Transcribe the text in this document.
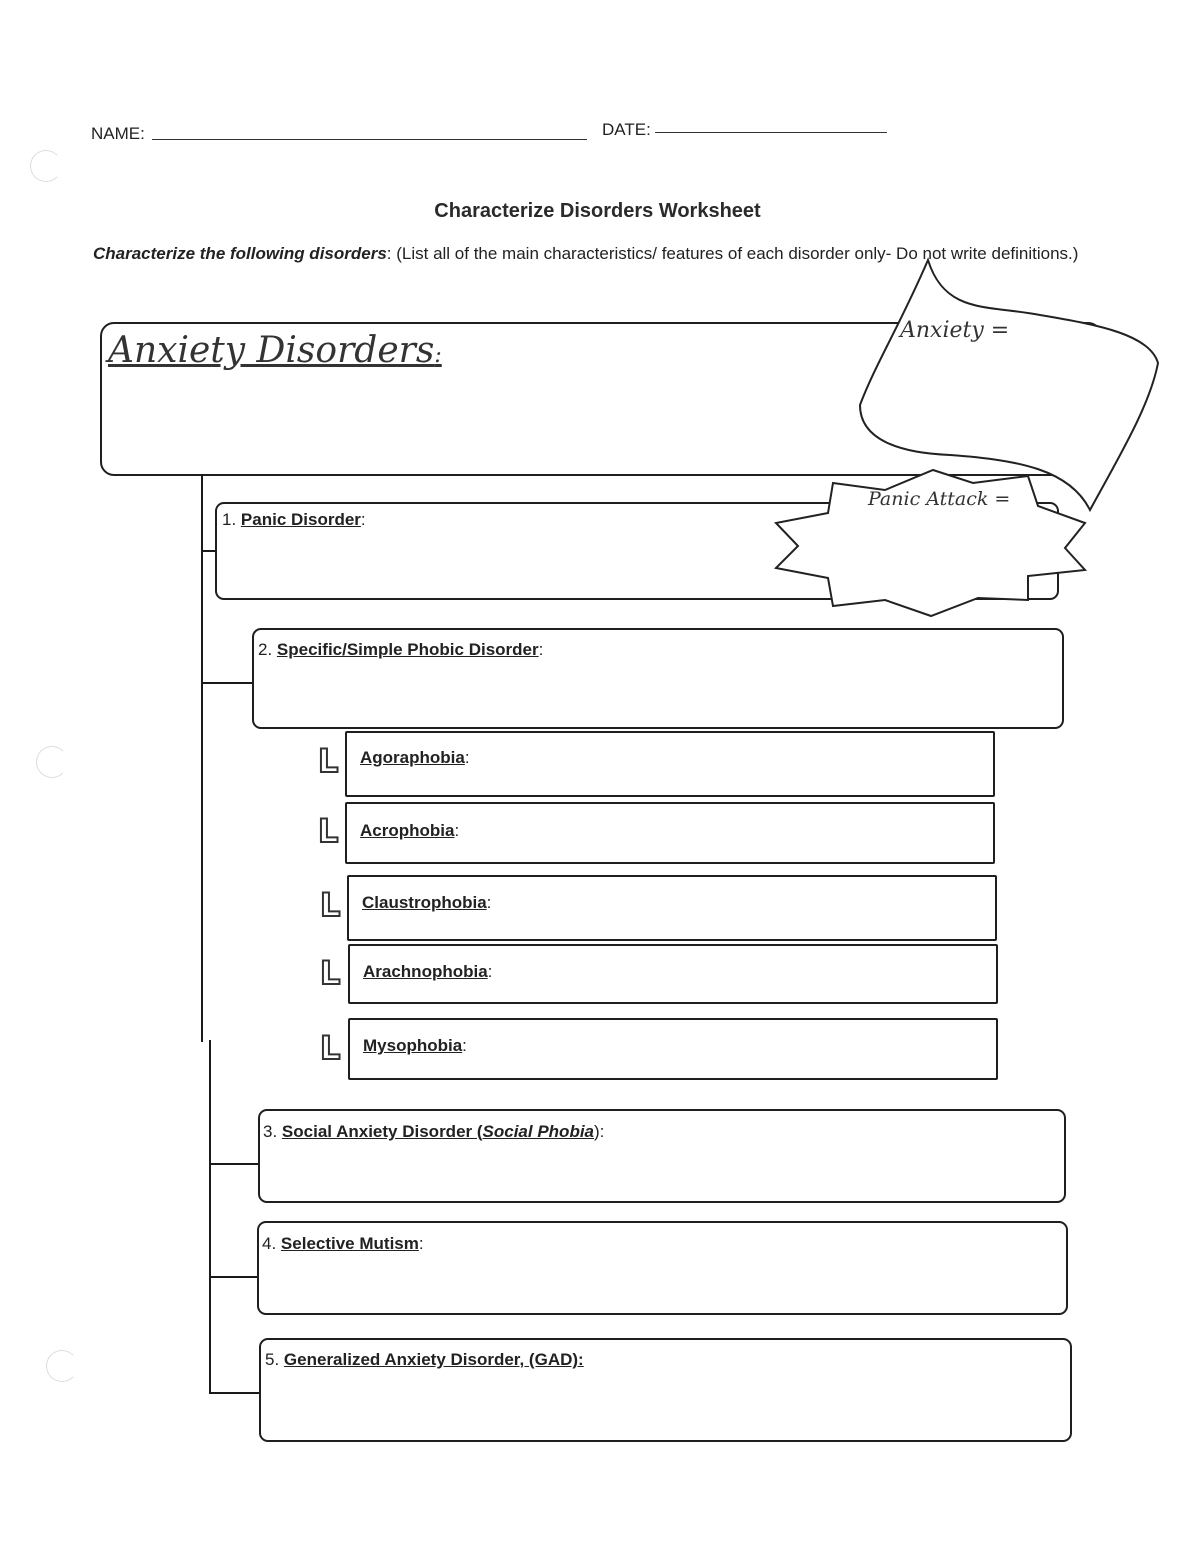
NAME:	DATE:
Characterize Disorders Worksheet
Characterize the following disorders: (List all of the main characteristics/ features of each disorder only- Do not write definitions.)
Anxiety Disorders:
1. Panic Disorder:
Anxiety =
Panic Attack =
2. Specific/Simple Phobic Disorder:
L Agoraphobia:
L Acrophobia:
L Claustrophobia:
L Arachnophobia:
L Mysophobia:
3. Social Anxiety Disorder (Social Phobia):
4. Selective Mutism:
5. Generalized Anxiety Disorder, (GAD):
